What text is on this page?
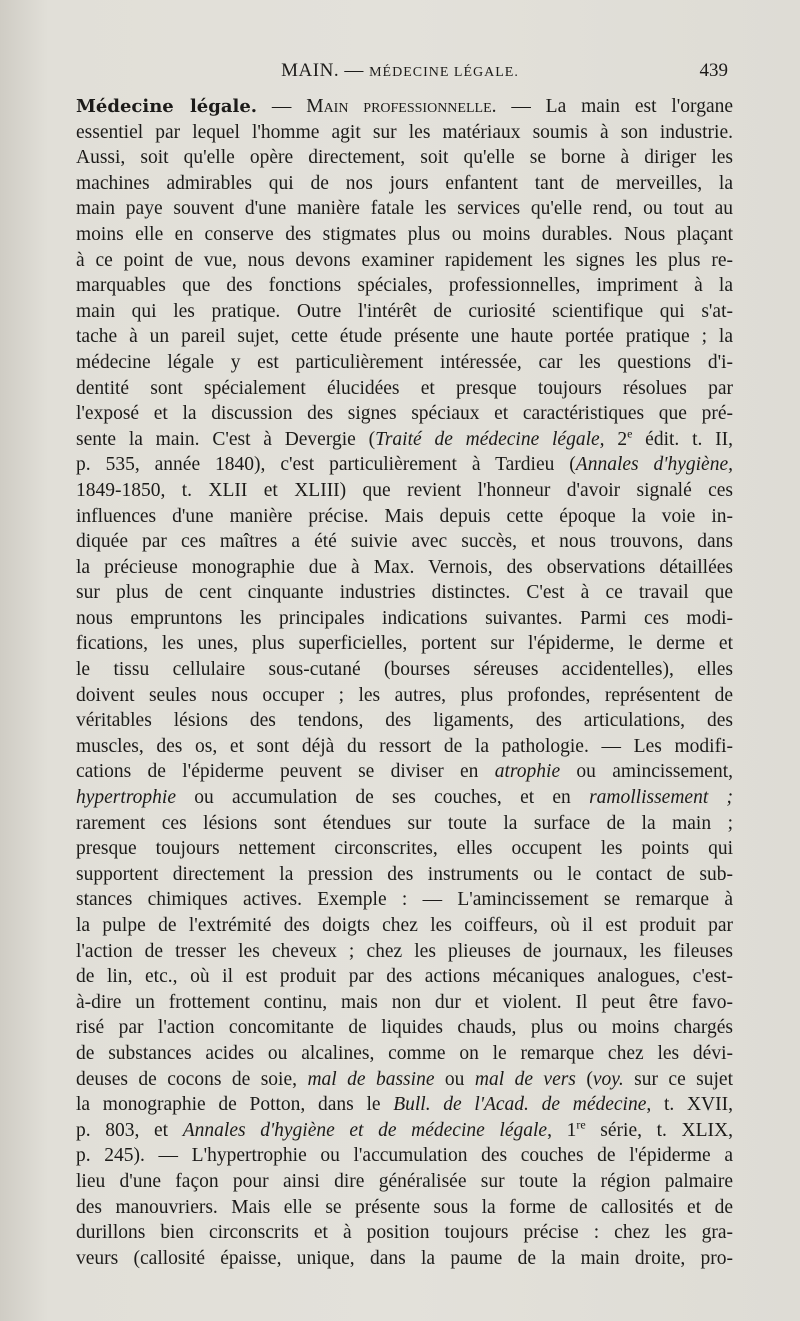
MAIN. — MÉDECINE LÉGALE.	439
Médecine légale. — Main professionnelle. — La main est l'organe
essentiel par lequel l'homme agit sur les matériaux soumis à son industrie.
Aussi, soit qu'elle opère directement, soit qu'elle se borne à diriger les
machines admirables qui de nos jours enfantent tant de merveilles, la
main paye souvent d'une manière fatale les services qu'elle rend, ou tout au
moins elle en conserve des stigmates plus ou moins durables. Nous plaçant
à ce point de vue, nous devons examiner rapidement les signes les plus re-
marquables que des fonctions spéciales, professionnelles, impriment à la
main qui les pratique. Outre l'intérêt de curiosité scientifique qui s'at-
tache à un pareil sujet, cette étude présente une haute portée pratique ; la
médecine légale y est particulièrement intéressée, car les questions d'i-
dentité sont spécialement élucidées et presque toujours résolues par
l'exposé et la discussion des signes spéciaux et caractéristiques que pré-
sente la main. C'est à Devergie (Traité de médecine légale, 2e édit. t. II,
p. 535, année 1840), c'est particulièrement à Tardieu (Annales d'hygiène,
1849-1850, t. XLII et XLIII) que revient l'honneur d'avoir signalé ces
influences d'une manière précise. Mais depuis cette époque la voie in-
diquée par ces maîtres a été suivie avec succès, et nous trouvons, dans
la précieuse monographie due à Max. Vernois, des observations détaillées
sur plus de cent cinquante industries distinctes. C'est à ce travail que
nous empruntons les principales indications suivantes. Parmi ces modi-
fications, les unes, plus superficielles, portent sur l'épiderme, le derme et
le tissu cellulaire sous-cutané (bourses séreuses accidentelles), elles
doivent seules nous occuper ; les autres, plus profondes, représentent de
véritables lésions des tendons, des ligaments, des articulations, des
muscles, des os, et sont déjà du ressort de la pathologie. — Les modifi-
cations de l'épiderme peuvent se diviser en atrophie ou amincissement,
hypertrophie ou accumulation de ses couches, et en ramollissement ;
rarement ces lésions sont étendues sur toute la surface de la main ;
presque toujours nettement circonscrites, elles occupent les points qui
supportent directement la pression des instruments ou le contact de sub-
stances chimiques actives. Exemple : — L'amincissement se remarque à
la pulpe de l'extrémité des doigts chez les coiffeurs, où il est produit par
l'action de tresser les cheveux ; chez les plieuses de journaux, les fileuses
de lin, etc., où il est produit par des actions mécaniques analogues, c'est-
à-dire un frottement continu, mais non dur et violent. Il peut être favo-
risé par l'action concomitante de liquides chauds, plus ou moins chargés
de substances acides ou alcalines, comme on le remarque chez les dévi-
deuses de cocons de soie, mal de bassine ou mal de vers (voy. sur ce sujet
la monographie de Potton, dans le Bull. de l'Acad. de médecine, t. XVII,
p. 803, et Annales d'hygiène et de médecine légale, 1re série, t. XLIX,
p. 245). — L'hypertrophie ou l'accumulation des couches de l'épiderme a
lieu d'une façon pour ainsi dire généralisée sur toute la région palmaire
des manouvriers. Mais elle se présente sous la forme de callosités et de
durillons bien circonscrits et à position toujours précise : chez les gra-
veurs (callosité épaisse, unique, dans la paume de la main droite, pro-
